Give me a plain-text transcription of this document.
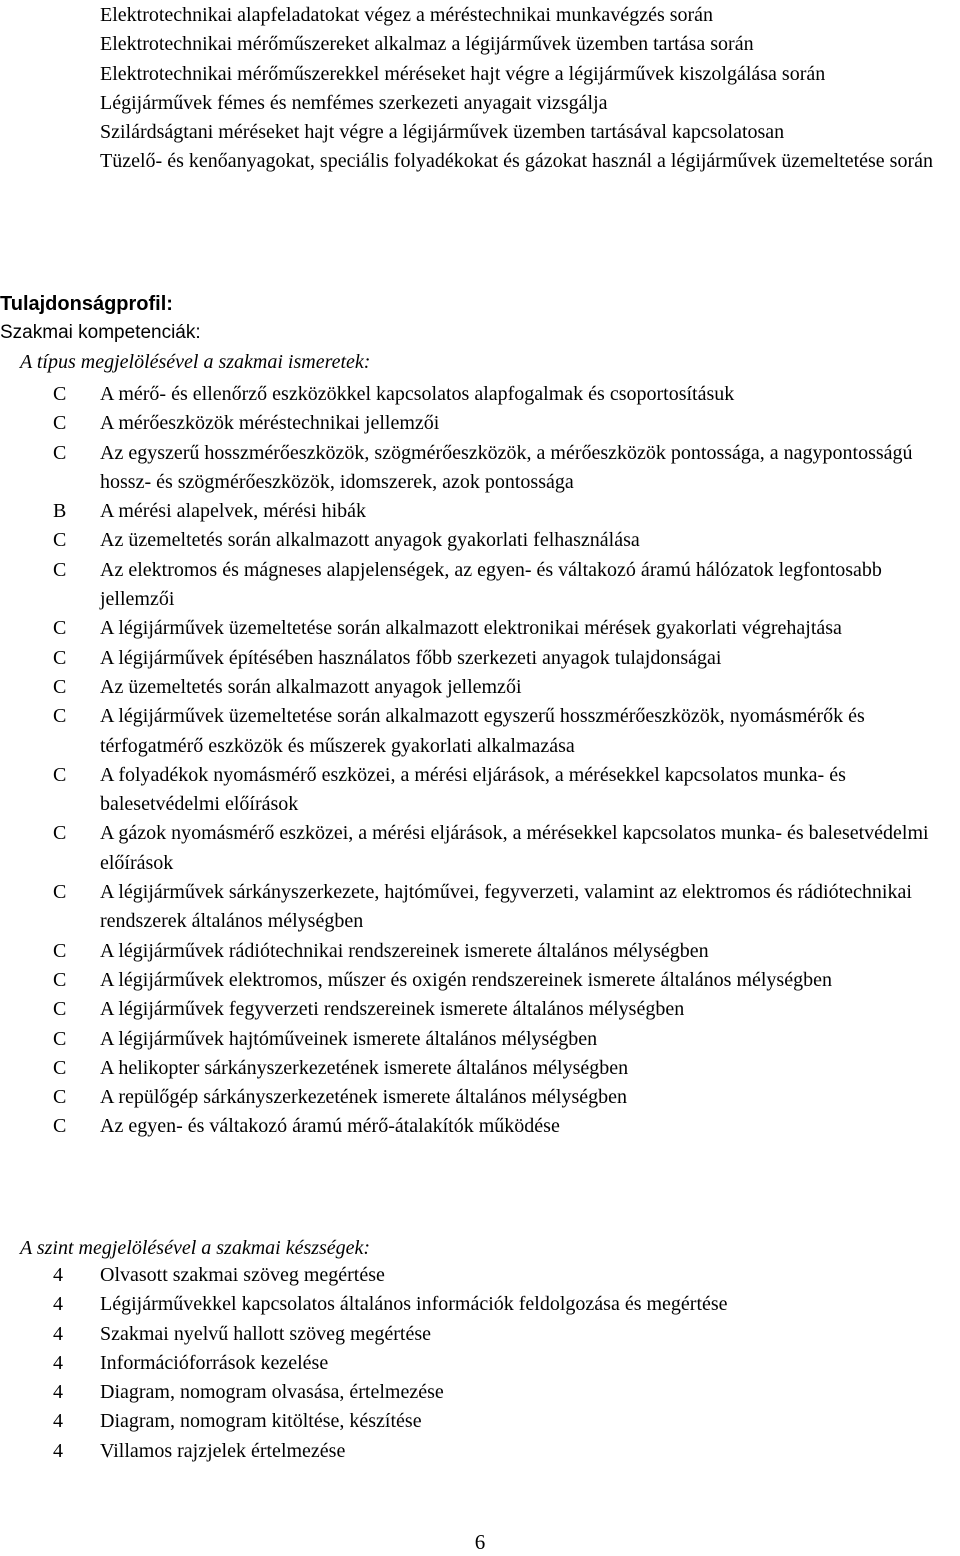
Elektrotechnikai alapfeladatokat végez a méréstechnikai munkavégzés során

Elektrotechnikai mérőműszereket alkalmaz a légijárművek üzemben tartása során

Elektrotechnikai mérőműszerekkel méréseket hajt végre a légijárművek kiszolgálása során

Légijárművek fémes és nemfémes szerkezeti anyagait vizsgálja

Szilárdságtani méréseket hajt végre a légijárművek üzemben tartásával kapcsolatosan

Tüzelő- és kenőanyagokat, speciális folyadékokat és gázokat használ a légijárművek üzemeltetése során

Tulajdonságprofil:
Szakmai kompetenciák:
A típus megjelölésével a szakmai ismeretek:
C	A mérő- és ellenőrző eszközökkel kapcsolatos alapfogalmak és csoportosításuk
C	A mérőeszközök méréstechnikai jellemzői
C	Az egyszerű hosszmérőeszközök, szögmérőeszközök, a mérőeszközök pontossága, a nagypontosságú hossz- és szögmérőeszközök, idomszerek, azok pontossága
B	A mérési alapelvek, mérési hibák
C	Az üzemeltetés során alkalmazott anyagok gyakorlati felhasználása
C	Az elektromos és mágneses alapjelenségek, az egyen- és váltakozó áramú hálózatok legfontosabb jellemzői
C	A légijárművek üzemeltetése során alkalmazott elektronikai mérések gyakorlati végrehajtása
C	A légijárművek építésében használatos főbb szerkezeti anyagok tulajdonságai
C	Az üzemeltetés során alkalmazott anyagok jellemzői
C	A légijárművek üzemeltetése során alkalmazott egyszerű hosszmérőeszközök, nyomásmérők és térfogatmérő eszközök és műszerek gyakorlati alkalmazása
C	A folyadékok nyomásmérő eszközei, a mérési eljárások, a mérésekkel kapcsolatos munka- és balesetvédelmi előírások
C	A gázok nyomásmérő eszközei, a mérési eljárások, a mérésekkel kapcsolatos munka- és balesetvédelmi előírások
C	A légijárművek sárkányszerkezete, hajtóművei, fegyverzeti, valamint az elektromos és rádiótechnikai rendszerek általános mélységben
C	A légijárművek rádiótechnikai rendszereinek ismerete általános mélységben
C	A légijárművek elektromos, műszer és oxigén rendszereinek ismerete általános mélységben
C	A légijárművek fegyverzeti rendszereinek ismerete általános mélységben
C	A légijárművek hajtóműveinek ismerete általános mélységben
C	A helikopter sárkányszerkezetének ismerete általános mélységben
C	A repülőgép sárkányszerkezetének ismerete általános mélységben
C	Az egyen- és váltakozó áramú mérő-átalakítók működése
A szint megjelölésével a szakmai készségek:
4	Olvasott szakmai szöveg megértése
4	Légijárművekkel kapcsolatos általános információk feldolgozása és megértése
4	Szakmai nyelvű hallott szöveg megértése
4	Információforrások kezelése
4	Diagram, nomogram olvasása, értelmezése
4	Diagram, nomogram kitöltése, készítése
4	Villamos rajzjelek értelmezése
6
